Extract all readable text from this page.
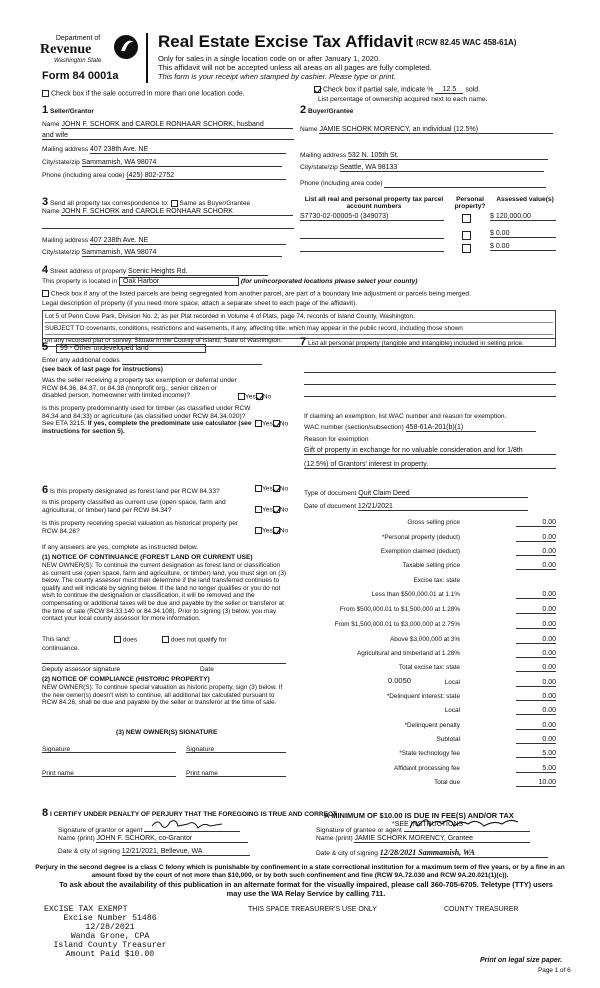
Department of
Revenue
Washington State
Form 84 0001a
Real Estate Excise Tax Affidavit (RCW 82.45 WAC 458-61A)
Only for sales in a single location code on or after January 1, 2020.
This affidavit will not be accepted unless all areas on all pages are fully completed.
This form is your receipt when stamped by cashier. Please type or print.
Check box if the sale occurred in more than one location code.
Check box if partial sale, indicate % 12.5 sold.
List percentage of ownership acquired next to each name.
1 Seller/Grantor
Name JOHN F. SCHORK and CAROLE RONHAAR SCHORK, husband
and wife
Mailing address 407 238th Ave. NE
City/state/zip Sammamish, WA 98074
Phone (including area code) (425) 802-2752
2 Buyer/Grantee
Name JAMIE SCHORK MORENCY, an individual (12.5%)
Mailing address 532 N. 105th St.
City/state/zip Seattle, WA 98133
Phone (including area code)
3 Send all property tax correspondence to: Same as Buyer/Grantee
Name JOHN F. SCHORK and CAROLE RONHAAR SCHORK
Mailing address 407 238th Ave. NE
City/state/zip Sammamish, WA 98074
List all real and personal property tax parcel account numbers
Personal property?
Assessed value(s)
S7730-02-00005-0 (349073)	$ 120,000.00
$ 0.00
$ 0.00
4 Street address of property Scenic Heights Rd.
This property is located in Oak Harbor	(for unincorporated locations please select your county)
Check box if any of the listed parcels are being segregated from another parcel, are part of a boundary line adjustment or parcels being merged.
Legal description of property (if you need more space, attach a separate sheet to each page of the affidavit).
Lot 5 of Penn Cove Park, Division No. 2, as per Plat recorded in Volume 4 of Plats, page 74, records of Island County, Washington.
SUBJECT TO covenants, conditions, restrictions and easements, if any, affecting title, which may appear in the public record, including those shown
on any recorded plat or survey. Situate in the County of Island, State of Washington.
5 99 - Other undeveloped land
Enter any additional codes
(see back of last page for instructions)
Was the seller receiving a property tax exemption or deferral under RCW 84.36, 84.37, or 84.38 (nonprofit org., senior citizen or disabled person, homeowner with limited income)?	Yes No
Is this property predominantly used for timber (as classified under RCW 84.34 and 84.33) or agriculture (as classified under RCW 84.34.020)? See ETA 3215. If yes, complete the predominate use calculator (see instructions for section 5).
Yes No
6 Is this property designated as forest land per RCW 84.33?	Yes No
Is this property classified as current use (open space, farm and agricultural, or timber) land per RCW 84.34?	Yes No
Is this property receiving special valuation as historical property per RCW 84.26?	Yes No
If any answers are yes, complete as instructed below.
(1) NOTICE OF CONTINUANCE (FOREST LAND OR CURRENT USE)
NEW OWNER(S): To continue the current designation as forest land or classification as current use (open space, farm and agriculture, or timber) land, you must sign on (3) below. The county assessor must then determine if the land transferred continues to qualify and will indicate by signing below. If the land no longer qualifies or you do not wish to continue the designation or classification, it will be removed and the compensating or additional taxes will be due and payable by the seller or transferor at the time of sale (RCW 84.33.140 or 84.34.108). Prior to signing (3) below, you may contact your local county assessor for more information.
This land:
continuance.
does	does not qualify for
Deputy assessor signature	Date
(2) NOTICE OF COMPLIANCE (HISTORIC PROPERTY)
NEW OWNER(S): To continue special valuation as historic property, sign (3) below. If the new owner(s) doesn't wish to continue, all additional tax calculated pursuant to RCW 84.26, shall be due and payable by the seller or transferor at the time of sale.
(3) NEW OWNER(S) SIGNATURE
Signature	Signature
Print name	Print name
7 List all personal property (tangible and intangible) included in selling price.
If claiming an exemption, list WAC number and reason for exemption.
WAC number (section/subsection) 458-61A-201(b)(1)
Reason for exemption
Gift of property in exchange for no valuable consideration and for 1/8th
(12.5%) of Grantors' interest in property.
Type of document Quit Claim Deed
Date of document 12/21/2021
Gross selling price	0.00
*Personal property (deduct)	0.00
Exemption claimed (deduct)	0.00
Taxable selling price	0.00
Excise tax: state
Less than $500,000.01 at 1.1%	0.00
From $500,000.01 to $1,500,000 at 1.28%	0.00
From $1,500,000.01 to $3,000,000 at 2.75%	0.00
Above $3,000,000 at 3%	0.00
Agricultural and timberland at 1.28%	0.00
Total excise tax: state	0.00
Local	0.00
*Delinquent interest: state	0.00
Local	0.00
*Delinquent penalty	0.00
Subtotal	0.00
*State technology fee	5.00
Affidavit processing fee	5.00
Total due	10.00
0.0050
A MINIMUM OF $10.00 IS DUE IN FEE(S) AND/OR TAX
*SEE INSTRUCTIONS
8 I CERTIFY UNDER PENALTY OF PERJURY THAT THE FOREGOING IS TRUE AND CORRECT
Signature of grantor or agent
Name (print) JOHN F. SCHORK, co-Grantor
Date & city of signing 12/21/2021, Bellevue, WA
Signature of grantee or agent
Name (print) JAMIE SCHORK MORENCY, Grantee
Date & city of signing 12/28/2021 Sammamish, WA
Perjury in the second degree is a class C felony which is punishable by confinement in a state correctional institution for a maximum term of five years, or by a fine in an amount fixed by the court of not more than $10,000, or by both such confinement and fine (RCW 9A.72.030 and RCW 9A.20.021(1)(c)).
To ask about the availability of this publication in an alternate format for the visually impaired, please call 360-705-6705. Teletype (TTY) users may use the WA Relay Service by calling 711.
EXCISE TAX EXEMPT
Excise Number 51486
12/28/2021
Wanda Grone, CPA
Island County Treasurer
Amount Paid $10.00
THIS SPACE TREASURER'S USE ONLY	COUNTY TREASURER
Print on legal size paper.
Page 1 of 6
